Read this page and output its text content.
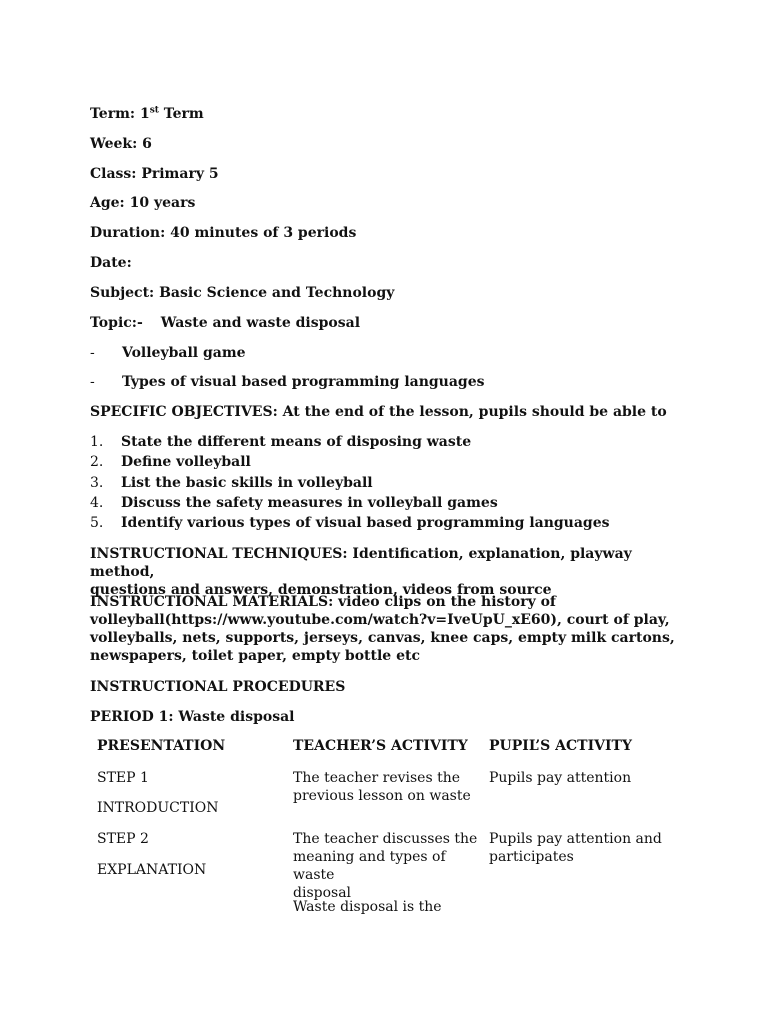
Term: 1st Term
Week: 6
Class: Primary 5
Age: 10 years
Duration: 40 minutes of 3 periods
Date:
Subject: Basic Science and Technology
Topic:- Waste and waste disposal
- Volleyball game
- Types of visual based programming languages
SPECIFIC OBJECTIVES: At the end of the lesson, pupils should be able to
1. State the different means of disposing waste
2. Define volleyball
3. List the basic skills in volleyball
4. Discuss the safety measures in volleyball games
5. Identify various types of visual based programming languages
INSTRUCTIONAL TECHNIQUES: Identification, explanation, playway method,
questions and answers, demonstration, videos from source
INSTRUCTIONAL MATERIALS: video clips on the history of
volleyball(https://www.youtube.com/watch?v=IveUpU_xE60), court of play,
volleyballs, nets, supports, jerseys, canvas, knee caps, empty milk cartons,
newspapers, toilet paper, empty bottle etc
INSTRUCTIONAL PROCEDURES
PERIOD 1: Waste disposal
PRESENTATION	TEACHER’S ACTIVITY PUPIL’S ACTIVITY
STEP 1
INTRODUCTION
The teacher revises the
previous lesson on waste
Pupils pay attention
STEP 2
EXPLANATION
The teacher discusses the
meaning and types of waste
disposal
Waste disposal is the
Pupils pay attention and
participates
